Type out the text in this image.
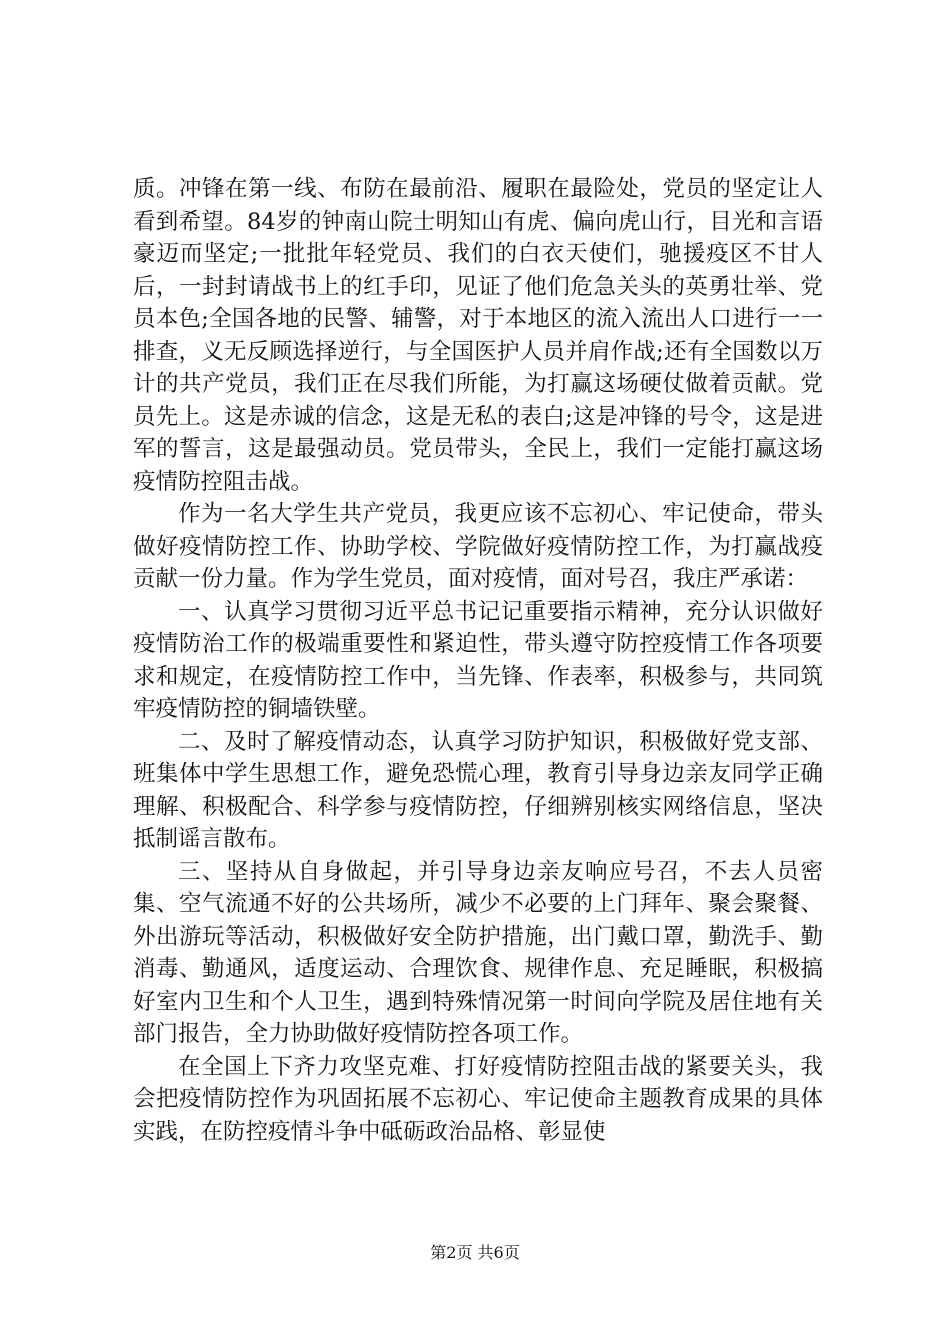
质。冲锋在第一线、布防在最前沿、履职在最险处，党员的坚定让人看到希望。84岁的钟南山院士明知山有虎、偏向虎山行，目光和言语豪迈而坚定;一批批年轻党员、我们的白衣天使们，驰援疫区不甘人后，一封封请战书上的红手印，见证了他们危急关头的英勇壮举、党员本色;全国各地的民警、辅警，对于本地区的流入流出人口进行一一排查，义无反顾选择逆行，与全国医护人员并肩作战;还有全国数以万计的共产党员，我们正在尽我们所能，为打赢这场硬仗做着贡献。党员先上。这是赤诚的信念，这是无私的表白;这是冲锋的号令，这是进军的誓言，这是最强动员。党员带头，全民上，我们一定能打赢这场疫情防控阻击战。

作为一名大学生共产党员，我更应该不忘初心、牢记使命，带头做好疫情防控工作、协助学校、学院做好疫情防控工作，为打赢战疫贡献一份力量。作为学生党员，面对疫情，面对号召，我庄严承诺：

一、认真学习贯彻习近平总书记记重要指示精神，充分认识做好疫情防治工作的极端重要性和紧迫性，带头遵守防控疫情工作各项要求和规定，在疫情防控工作中，当先锋、作表率，积极参与，共同筑牢疫情防控的铜墙铁壁。

二、及时了解疫情动态，认真学习防护知识，积极做好党支部、班集体中学生思想工作，避免恐慌心理，教育引导身边亲友同学正确理解、积极配合、科学参与疫情防控，仔细辨别核实网络信息，坚决抵制谣言散布。

三、坚持从自身做起，并引导身边亲友响应号召，不去人员密集、空气流通不好的公共场所，减少不必要的上门拜年、聚会聚餐、外出游玩等活动，积极做好安全防护措施，出门戴口罩，勤洗手、勤消毒、勤通风，适度运动、合理饮食、规律作息、充足睡眠，积极搞好室内卫生和个人卫生，遇到特殊情况第一时间向学院及居住地有关部门报告，全力协助做好疫情防控各项工作。

在全国上下齐力攻坚克难、打好疫情防控阻击战的紧要关头，我会把疫情防控作为巩固拓展不忘初心、牢记使命主题教育成果的具体实践，在防控疫情斗争中砥砺政治品格、彰显使

第2页 共6页
